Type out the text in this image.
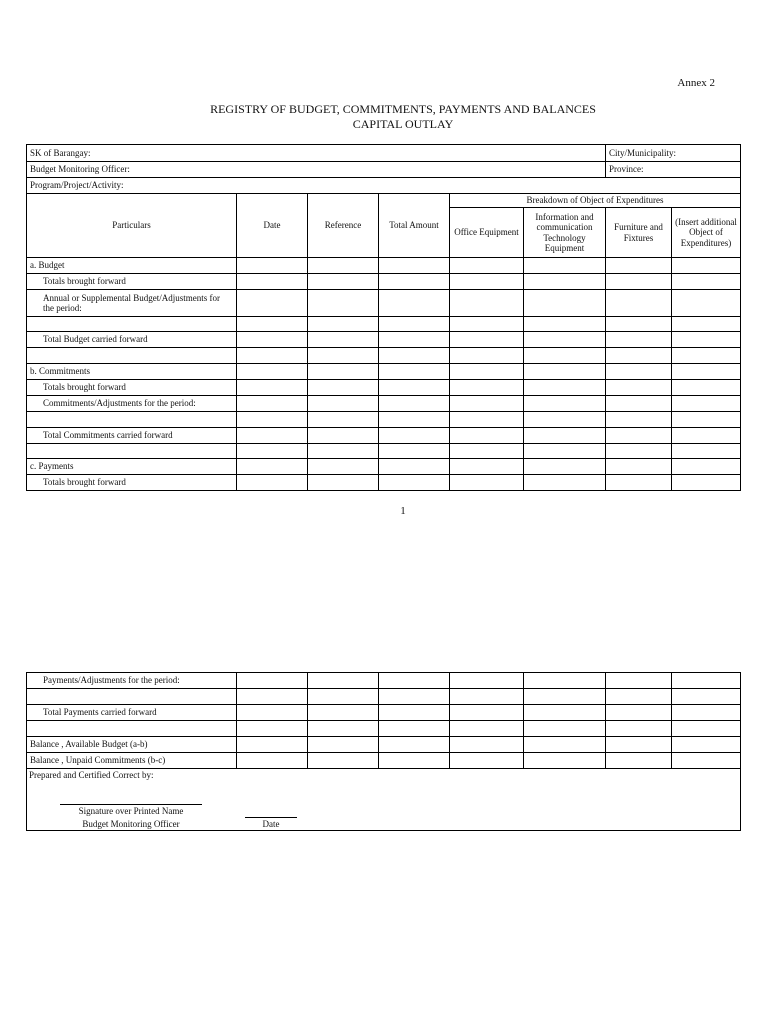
Annex 2
REGISTRY OF BUDGET, COMMITMENTS, PAYMENTS AND BALANCES
CAPITAL OUTLAY
SK of Barangay:						City/Municipality:	
Budget Monitoring Officer:						Province:		
Program/Project/Activity:								
Particulars	Date	Reference	Total Amount	Breakdown of Object of Expenditures				
				Office Equipment	Information and communication Technology Equipment	Furniture and Fixtures	(Insert additional Object of Expenditures)	
a. Budget								
Totals brought forward								
Annual or Supplemental Budget/Adjustments for the period:								

Total Budget carried forward								

b. Commitments								
Totals brought forward								
Commitments/Adjustments for the period:								

Total Commitments carried forward								

c. Payments								
Totals brought forward								
1
Payments/Adjustments for the period:							

Total Payments carried forward							

Balance , Available Budget (a-b)							
Balance , Unpaid Commitments (b-c)							

Prepared and Certified Correct by:
Signature over Printed Name
Budget Monitoring Officer Date							
